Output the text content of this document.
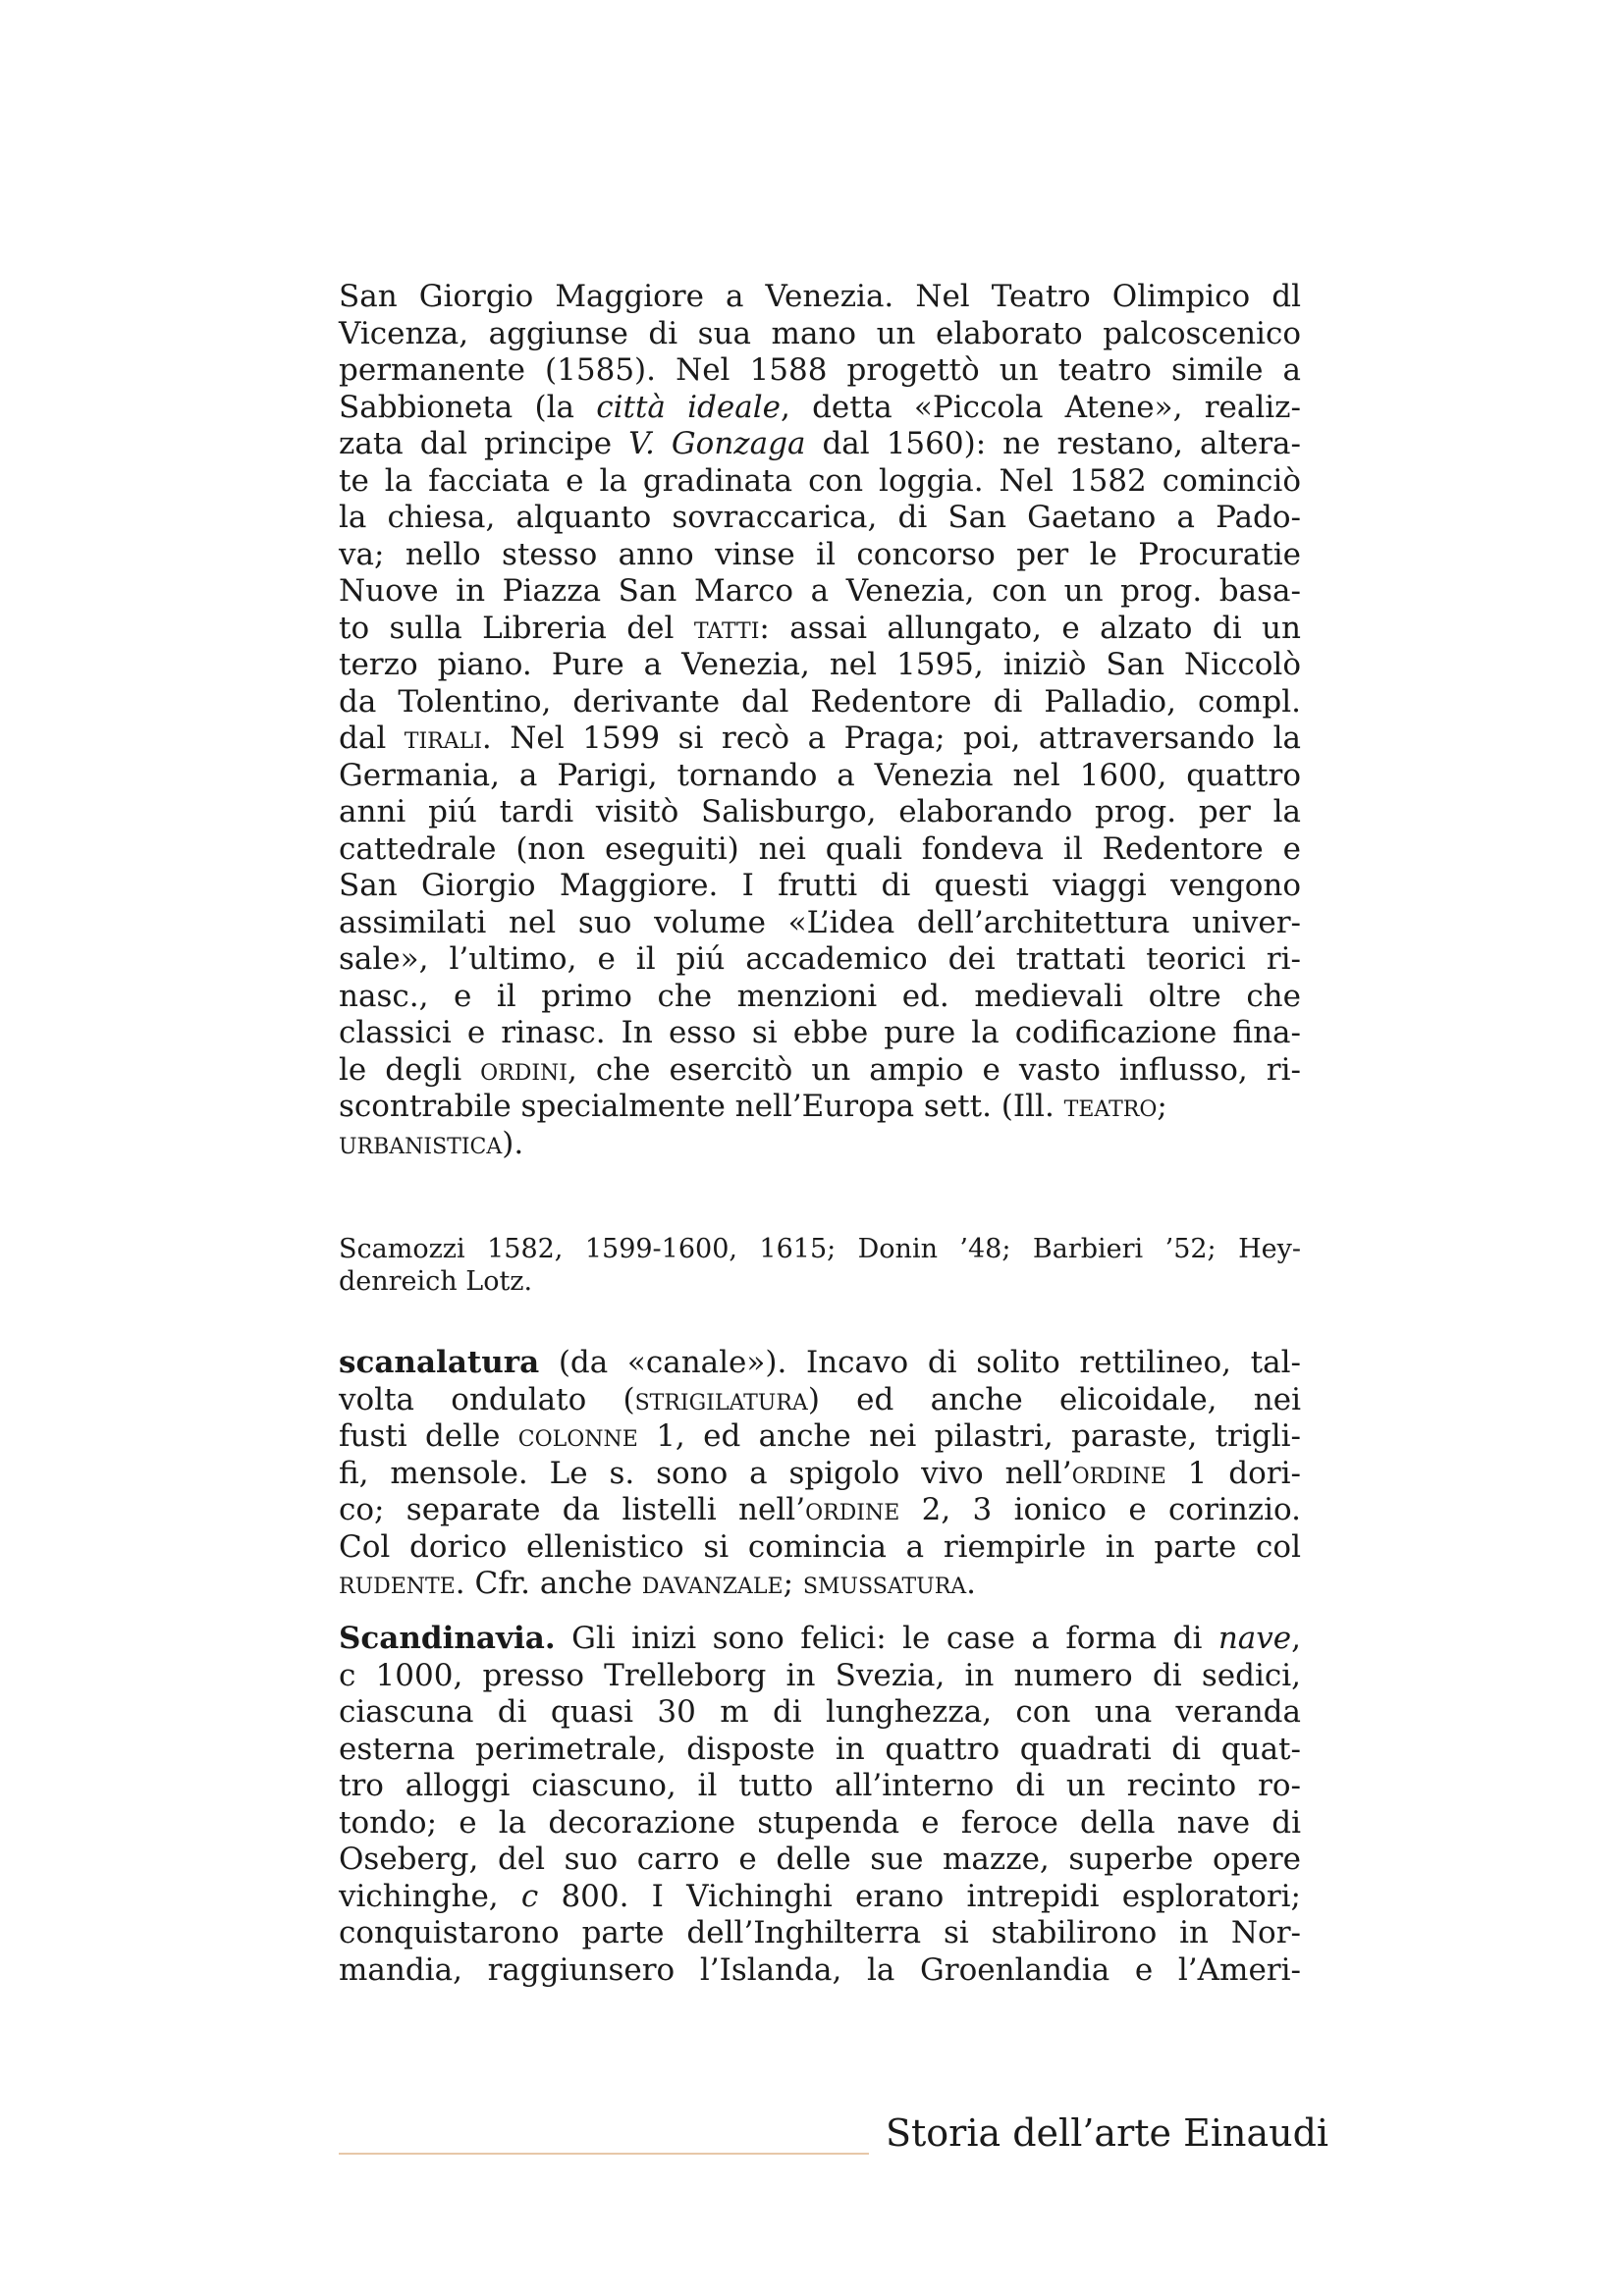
San Giorgio Maggiore a Venezia. Nel Teatro Olimpico dl
Vicenza, aggiunse di sua mano un elaborato palcoscenico
permanente (1585). Nel 1588 progettò un teatro simile a
Sabbioneta (la città ideale, detta «Piccola Atene», realiz-
zata dal principe V. Gonzaga dal 1560): ne restano, altera-
te la facciata e la gradinata con loggia. Nel 1582 cominciò
la chiesa, alquanto sovraccarica, di San Gaetano a Pado-
va; nello stesso anno vinse il concorso per le Procuratie
Nuove in Piazza San Marco a Venezia, con un prog. basa-
to sulla Libreria del tatti: assai allungato, e alzato di un
terzo piano. Pure a Venezia, nel 1595, iniziò San Niccolò
da Tolentino, derivante dal Redentore di Palladio, compl.
dal tirali. Nel 1599 si recò a Praga; poi, attraversando la
Germania, a Parigi, tornando a Venezia nel 1600, quattro
anni piú tardi visitò Salisburgo, elaborando prog. per la
cattedrale (non eseguiti) nei quali fondeva il Redentore e
San Giorgio Maggiore. I frutti di questi viaggi vengono
assimilati nel suo volume «L’idea dell’architettura univer-
sale», l’ultimo, e il piú accademico dei trattati teorici ri-
nasc., e il primo che menzioni ed. medievali oltre che
classici e rinasc. In esso si ebbe pure la codificazione fina-
le degli ordini, che esercitò un ampio e vasto influsso, ri-
scontrabile specialmente nell’Europa sett. (Ill. teatro;
urbanistica).
Scamozzi 1582, 1599-1600, 1615; Donin ’48; Barbieri ’52; Hey-
denreich Lotz.
scanalatura (da «canale»). Incavo di solito rettilineo, tal-
volta ondulato (strigilatura) ed anche elicoidale, nei
fusti delle colonne 1, ed anche nei pilastri, paraste, trigli-
fi, mensole. Le s. sono a spigolo vivo nell’ordine 1 dori-
co; separate da listelli nell’ordine 2, 3 ionico e corinzio.
Col dorico ellenistico si comincia a riempirle in parte col
rudente. Cfr. anche davanzale; smussatura.
Scandinavia. Gli inizi sono felici: le case a forma di nave,
c 1000, presso Trelleborg in Svezia, in numero di sedici,
ciascuna di quasi 30 m di lunghezza, con una veranda
esterna perimetrale, disposte in quattro quadrati di quat-
tro alloggi ciascuno, il tutto all’interno di un recinto ro-
tondo; e la decorazione stupenda e feroce della nave di
Oseberg, del suo carro e delle sue mazze, superbe opere
vichinghe, c 800. I Vichinghi erano intrepidi esploratori;
conquistarono parte dell’Inghilterra si stabilirono in Nor-
mandia, raggiunsero l’Islanda, la Groenlandia e l’Ameri-
Storia dell’arte Einaudi
